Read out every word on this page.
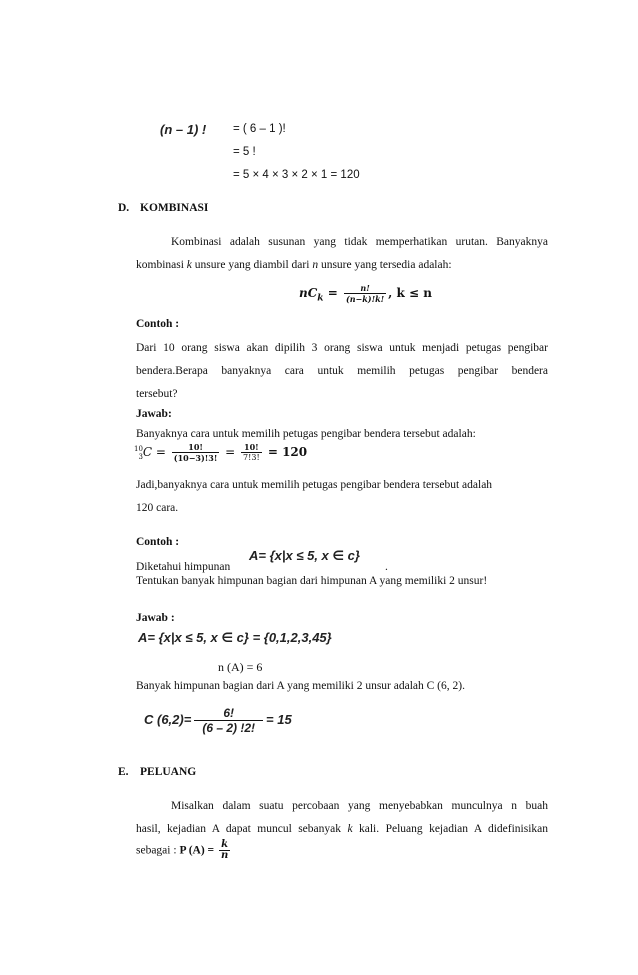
(n – 1) ! = ( 6 – 1 )!
= 5 !
= 5 × 4 × 3 × 2 × 1 = 120
D. KOMBINASI
Kombinasi adalah susunan yang tidak memperhatikan urutan. Banyaknya
kombinasi k unsure yang diambil dari n unsure yang tersedia adalah:
$nC_k = \frac{n!}{(n-k)!k!}$ , k ≤ n
Contoh :
Dari 10 orang siswa akan dipilih 3 orang siswa untuk menjadi petugas pengibar
bendera.Berapa banyaknya cara untuk memilih petugas pengibar bendera
tersebut?
Jawab:
Banyaknya cara untuk memilih petugas pengibar bendera tersebut adalah:
10
3 $C = \frac{10!}{(10-3)!3!} = \frac{10!}{7!3!} = 120$
Jadi,banyaknya cara untuk memilih petugas pengibar bendera tersebut adalah
120 cara.
Contoh :
Diketahui himpunan
A= {x|x ≤ 5, x ∈ c}
.
Tentukan banyak himpunan bagian dari himpunan A yang memiliki 2 unsur!
Jawab :
A= {x|x ≤ 5, x ∈ c} = {0,1,2,3,45}
n (A) = 6
Banyak himpunan bagian dari A yang memiliki 2 unsur adalah C (6, 2).
C $(6,2)= \frac{6!}{(6 - 2) !2!} = 15$
E. PELUANG
Misalkan dalam suatu percobaan yang menyebabkan munculnya n buah
hasil, kejadian A dapat muncul sebanyak k kali. Peluang kejadian A didefinisikan
sebagai : P $(A) = \frac{k}{n}$
